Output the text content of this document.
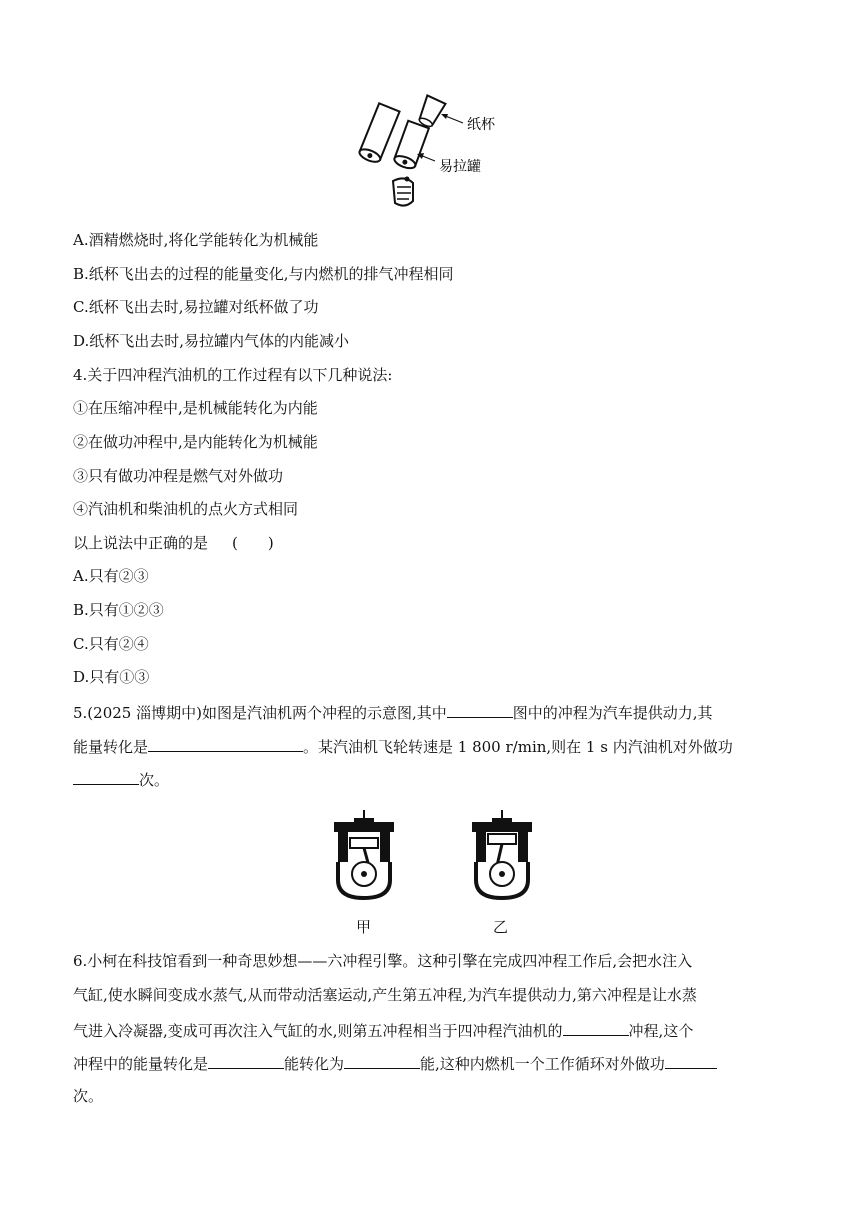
纸杯
易拉罐
A.酒精燃烧时,将化学能转化为机械能
B.纸杯飞出去的过程的能量变化,与内燃机的排气冲程相同
C.纸杯飞出去时,易拉罐对纸杯做了功
D.纸杯飞出去时,易拉罐内气体的内能减小
4.关于四冲程汽油机的工作过程有以下几种说法:
①在压缩冲程中,是机械能转化为内能
②在做功冲程中,是内能转化为机械能
③只有做功冲程是燃气对外做功
④汽油机和柴油机的点火方式相同
以上说法中正确的是 (　　)
A.只有②③
B.只有①②③
C.只有②④
D.只有①③
5.(2025 淄博期中)如图是汽油机两个冲程的示意图,其中	图中的冲程为汽车提供动力,其
能量转化是	。某汽油机飞轮转速是 1 800 r/min,则在 1 s 内汽油机对外做功
次。
甲	乙
6.小柯在科技馆看到一种奇思妙想——六冲程引擎。这种引擎在完成四冲程工作后,会把水注入
气缸,使水瞬间变成水蒸气,从而带动活塞运动,产生第五冲程,为汽车提供动力,第六冲程是让水蒸
气进入冷凝器,变成可再次注入气缸的水,则第五冲程相当于四冲程汽油机的	冲程,这个
冲程中的能量转化是	能转化为	能,这种内燃机一个工作循环对外做功
次。
